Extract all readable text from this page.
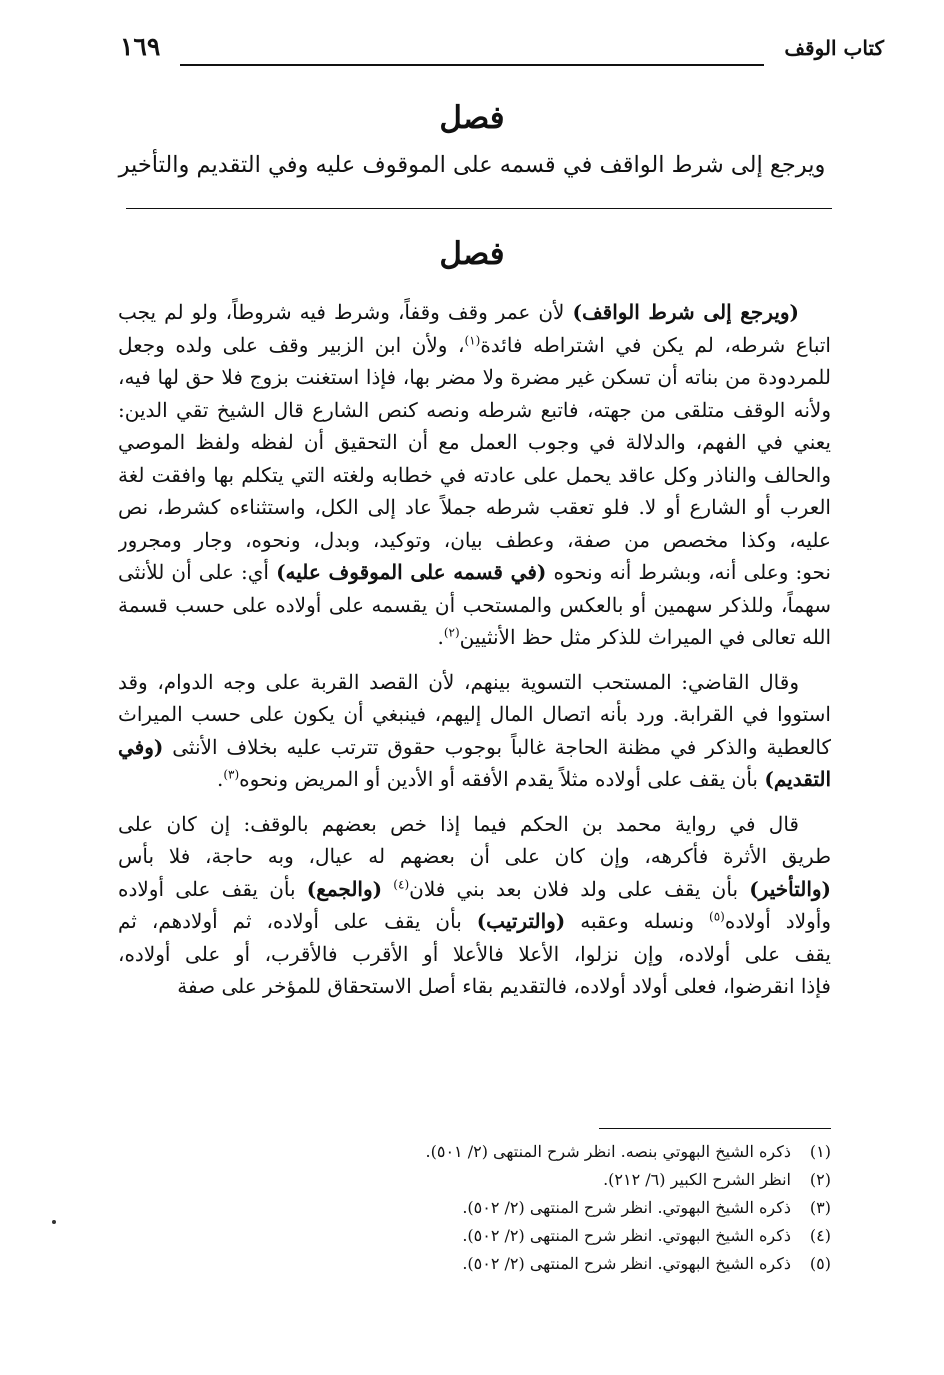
كتاب الوقف
١٦٩
فصل
ويرجع إلى شرط الواقف في قسمه على الموقوف عليه وفي التقديم والتأخير
فصل
(ويرجع إلى شرط الواقف) لأن عمر وقف وقفاً، وشرط فيه شروطاً، ولو لم يجب
اتباع شرطه، لم يكن في اشتراطه فائدة$^{(١)}$، ولأن ابن الزبير وقف على ولده وجعل
للمردودة من بناته أن تسكن غير مضرة ولا مضر بها، فإذا استغنت بزوج فلا حق لها فيه،
ولأنه الوقف متلقى من جهته، فاتبع شرطه ونصه كنص الشارع قال الشيخ تقي الدين:
يعني في الفهم، والدلالة في وجوب العمل مع أن التحقيق أن لفظه ولفظ الموصي
والحالف والناذر وكل عاقد يحمل على عادته في خطابه ولغته التي يتكلم بها وافقت لغة
العرب أو الشارع أو لا. فلو تعقب شرطه جملاً عاد إلى الكل، واستثناءه كشرط، نص
عليه، وكذا مخصص من صفة، وعطف بيان، وتوكيد، وبدل، ونحوه، وجار ومجرور
نحو: وعلى أنه، وبشرط أنه ونحوه (في قسمه على الموقوف عليه) أي: على أن للأنثى
سهماً، وللذكر سهمين أو بالعكس والمستحب أن يقسمه على أولاده على حسب قسمة
الله تعالى في الميراث للذكر مثل حظ الأنثيين$^{(٢)}$.
وقال القاضي: المستحب التسوية بينهم، لأن القصد القربة على وجه الدوام، وقد
استووا في القرابة. ورد بأنه اتصال المال إليهم، فينبغي أن يكون على حسب الميراث
كالعطية والذكر في مظنة الحاجة غالباً بوجوب حقوق تترتب عليه بخلاف الأنثى (وفي
التقديم) بأن يقف على أولاده مثلاً يقدم الأفقه أو الأدين أو المريض ونحوه$^{(٣)}$.
قال في رواية محمد بن الحكم فيما إذا خص بعضهم بالوقف: إن كان على
طريق الأثرة فأكرهه، وإن كان على أن بعضهم له عيال، وبه حاجة، فلا بأس
(والتأخير) بأن يقف على ولد فلان بعد بني فلان$^{(٤)}$ (والجمع) بأن يقف على أولاده
وأولاد أولاده$^{(٥)}$ ونسله وعقبه (والترتيب) بأن يقف على أولاده، ثم أولادهم، ثم
يقف على أولاده، وإن نزلوا، الأعلا فالأعلا أو الأقرب فالأقرب، أو على أولاده،
فإذا انقرضوا، فعلى أولاد أولاده، فالتقديم بقاء أصل الاستحقاق للمؤخر على صفة
(١)ذكره الشيخ البهوتي بنصه. انظر شرح المنتهى (٢/ ٥٠١).
(٢)انظر الشرح الكبير (٦/ ٢١٢).
(٣)ذكره الشيخ البهوتي. انظر شرح المنتهى (٢/ ٥٠٢).
(٤)ذكره الشيخ البهوتي. انظر شرح المنتهى (٢/ ٥٠٢).
(٥)ذكره الشيخ البهوتي. انظر شرح المنتهى (٢/ ٥٠٢).
